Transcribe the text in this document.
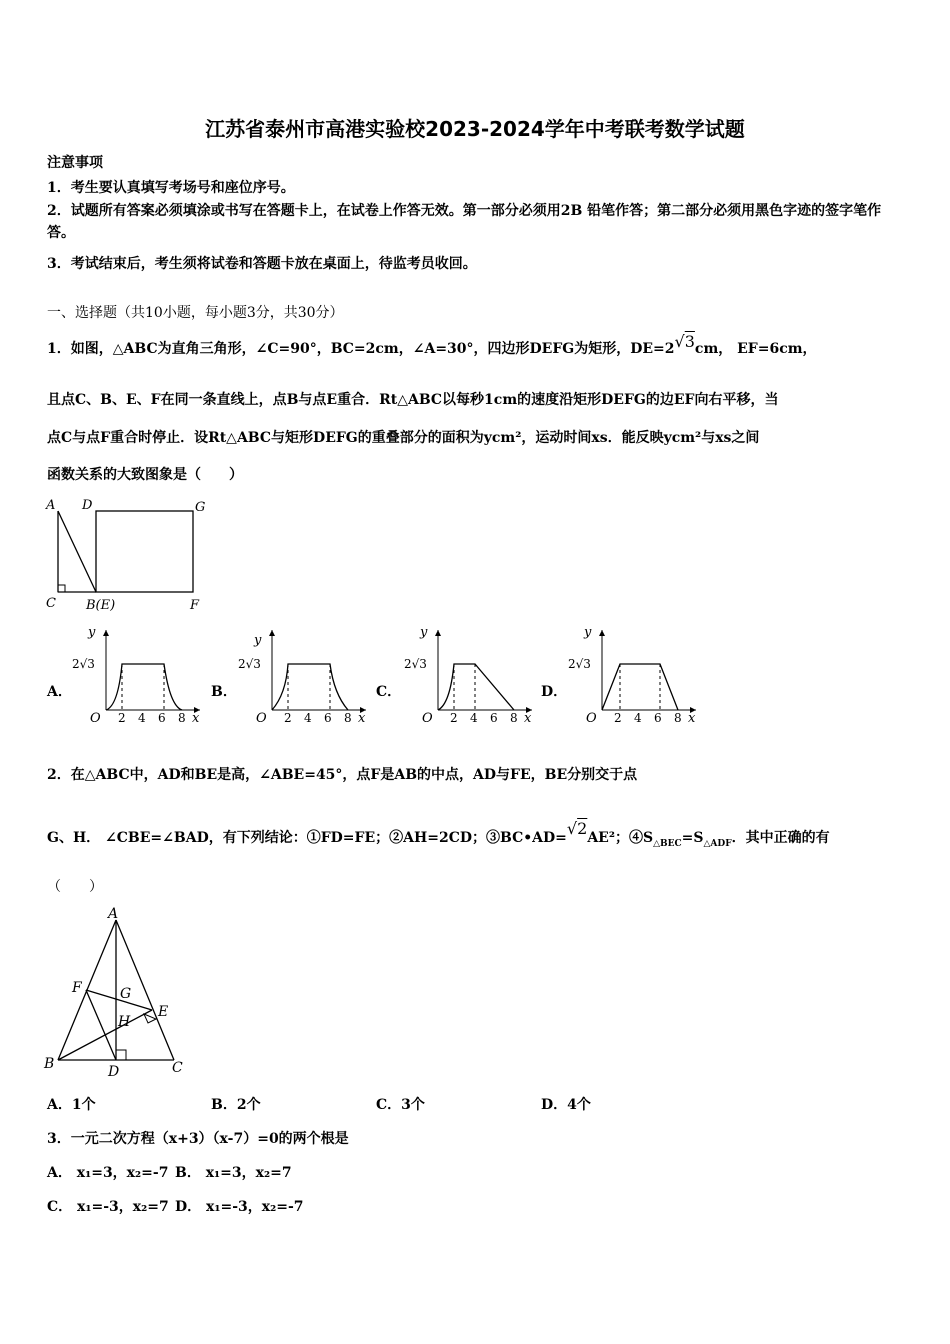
江苏省泰州市高港实验校2023-2024学年中考联考数学试题
注意事项
1．考生要认真填写考场号和座位序号。
2．试题所有答案必须填涂或书写在答题卡上，在试卷上作答无效。第一部分必须用2B 铅笔作答；第二部分必须用黑色字迹的签字笔作答。
3．考试结束后，考生须将试卷和答题卡放在桌面上，待监考员收回。
一、选择题（共10小题，每小题3分，共30分）
1．如图，△ABC为直角三角形，∠C=90°，BC=2cm，∠A=30°，四边形DEFG为矩形，DE=2√3cm， EF=6cm，
且点C、B、E、F在同一条直线上，点B与点E重合．Rt△ABC以每秒1cm的速度沿矩形DEFG的边EF向右平移，当
点C与点F重合时停止．设Rt△ABC与矩形DEFG的重叠部分的面积为ycm²，运动时间xs．能反映ycm²与xs之间
函数关系的大致图象是（　　）
A D	G
C B(E)	F
A．	B．	C．	D．
y
x
O
2√3
2 4 6 8
y
x
O
2√3
2 4 6 8
y
x
O
2√3
2 4 6 8
y
x
O
2√3
2 4 6 8
2．在△ABC中，AD和BE是高，∠ABE=45°，点F是AB的中点，AD与FE，BE分别交于点
G、H． ∠CBE=∠BAD，有下列结论：①FD=FE；②AH=2CD；③BC•AD=√2AE²；$④S_{\triangle BEC}=S_{\triangle ADF}$．其中正确的有
（　　）
A
F	G
E
H
B	D	C
A．1个	B．2个	C．3个	D．4个
3．一元二次方程（x+3）（x-7）=0的两个根是
A． x₁=3，x₂=-7 B． x₁=3，x₂=7
C． x₁=-3，x₂=7 D． x₁=-3，x₂=-7
